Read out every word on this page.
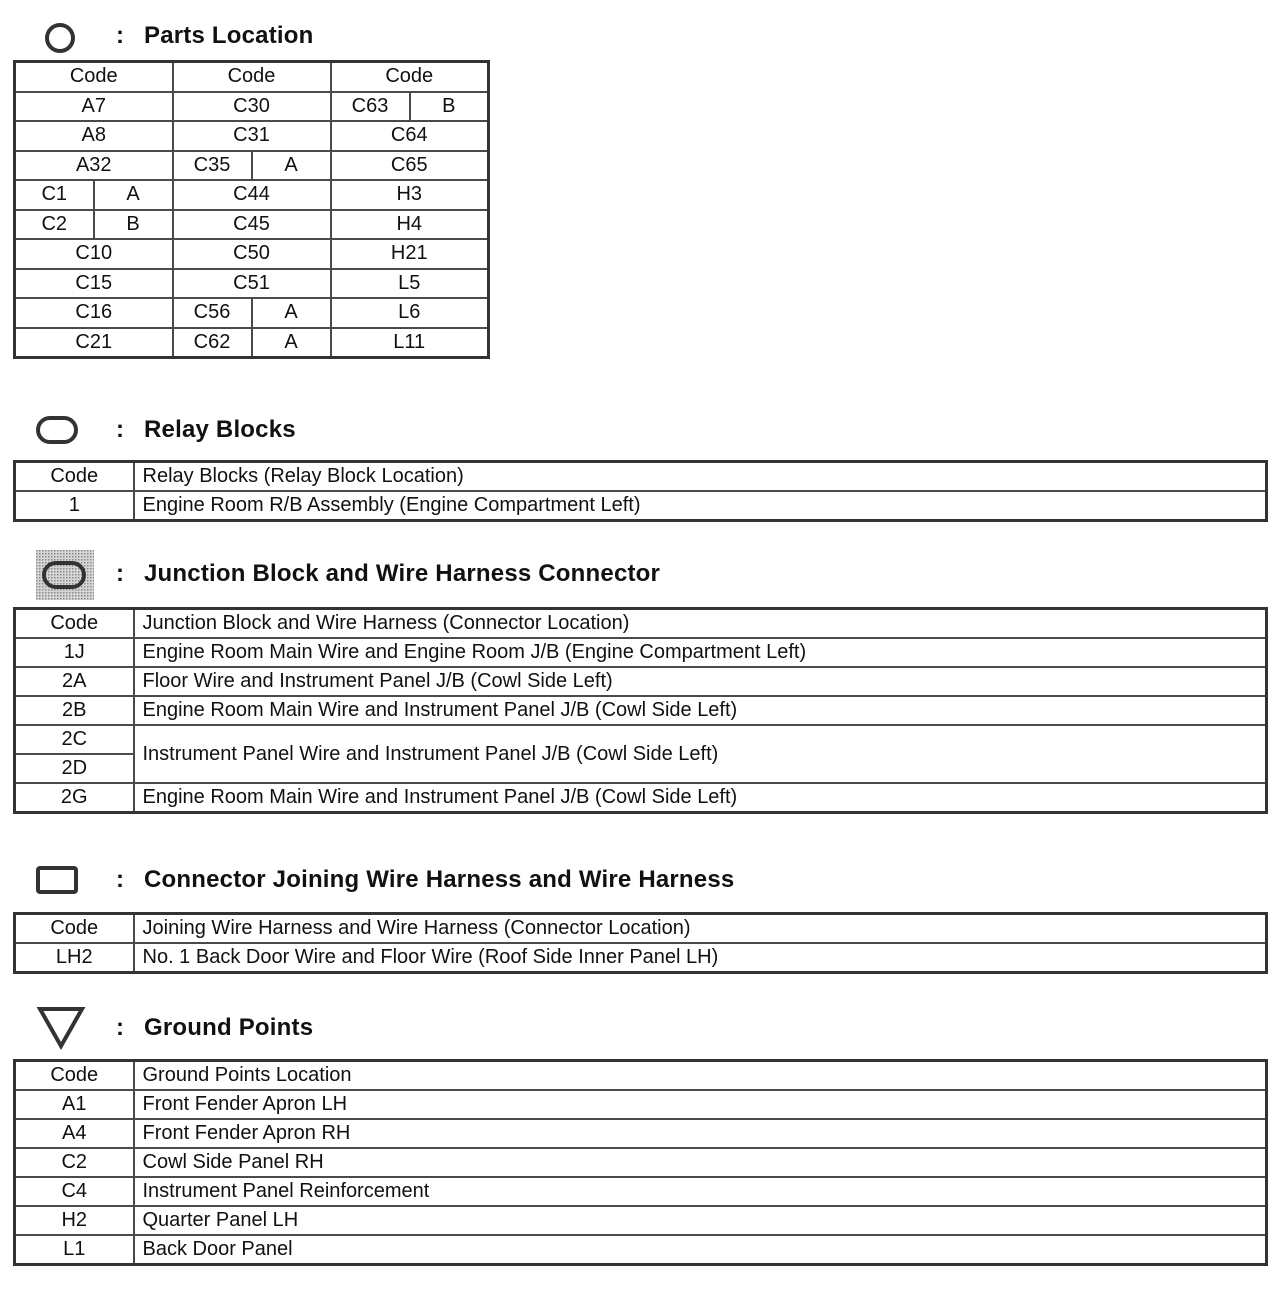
: Parts Location
Code		Code		Code	
A7		C30		C63	B
A8		C31		C64	
A32		C35	A	C65	
C1	A	C44		H3	
C2	B	C45		H4	
C10		C50		H21	
C15		C51		L5	
C16		C56	A	L6	
C21		C62	A	L11	
: Relay Blocks
Code	Relay Blocks (Relay Block Location)
1	Engine Room R/B Assembly (Engine Compartment Left)
: Junction Block and Wire Harness Connector
Code	Junction Block and Wire Harness (Connector Location)
1J	Engine Room Main Wire and Engine Room J/B (Engine Compartment Left)
2A	Floor Wire and Instrument Panel J/B (Cowl Side Left)
2B	Engine Room Main Wire and Instrument Panel J/B (Cowl Side Left)
2C	Instrument Panel Wire and Instrument Panel J/B (Cowl Side Left)
2D	
2G	Engine Room Main Wire and Instrument Panel J/B (Cowl Side Left)
: Connector Joining Wire Harness and Wire Harness
Code	Joining Wire Harness and Wire Harness (Connector Location)
LH2	No. 1 Back Door Wire and Floor Wire (Roof Side Inner Panel LH)
: Ground Points
Code	Ground Points Location
A1	Front Fender Apron LH
A4	Front Fender Apron RH
C2	Cowl Side Panel RH
C4	Instrument Panel Reinforcement
H2	Quarter Panel LH
L1	Back Door Panel
